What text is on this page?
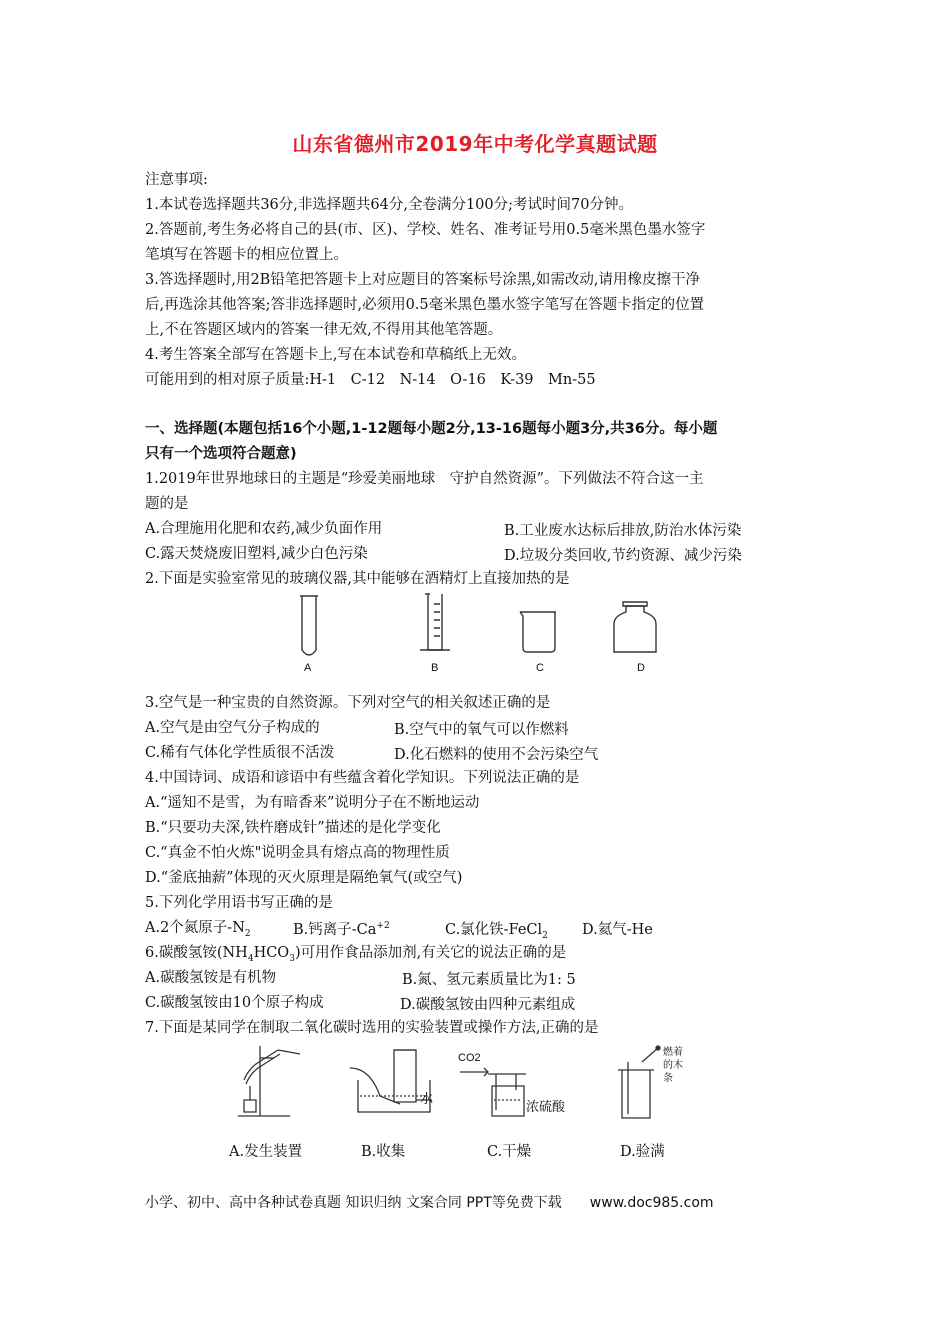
山东省德州市2019年中考化学真题试题
注意事项:
1.本试卷选择题共36分,非选择题共64分,全卷满分100分;考试时间70分钟。
2.答题前,考生务必将自己的县(市、区)、学校、姓名、准考证号用0.5毫米黑色墨水签字
笔填写在答题卡的相应位置上。
3.答选择题时,用2B铅笔把答题卡上对应题目的答案标号涂黑,如需改动,请用橡皮擦干净
后,再选涂其他答案;答非选择题时,必须用0.5毫米黑色墨水签字笔写在答题卡指定的位置
上,不在答题区域内的答案一律无效,不得用其他笔答题。
4.考生答案全部写在答题卡上,写在本试卷和草稿纸上无效。
可能用到的相对原子质量:H-1　C-12　N-14　O-16　K-39　Mn-55
一、选择题(本题包括16个小题,1-12题每小题2分,13-16题每小题3分,共36分。每小题
只有一个选项符合题意)
1.2019年世界地球日的主题是“珍爱美丽地球　守护自然资源”。下列做法不符合这一主
题的是
A.合理施用化肥和农药,减少负面作用	B.工业废水达标后排放,防治水体污染
C.露天焚烧废旧塑料,减少白色污染	D.垃圾分类回收,节约资源、减少污染
2.下面是实验室常见的玻璃仪器,其中能够在酒精灯上直接加热的是
A	B	C	D
3.空气是一种宝贵的自然资源。下列对空气的相关叙述正确的是
A.空气是由空气分子构成的	B.空气中的氧气可以作燃料
C.稀有气体化学性质很不活泼	D.化石燃料的使用不会污染空气
4.中国诗词、成语和谚语中有些蕴含着化学知识。下列说法正确的是
A.“遥知不是雪，为有暗香来”说明分子在不断地运动
B.“只要功夫深,铁杵磨成针”描述的是化学变化
C.“真金不怕火炼"说明金具有熔点高的物理性质
D.“釜底抽薪”体现的灭火原理是隔绝氧气(或空气)
5.下列化学用语书写正确的是
A.2个氮原子$-N_2$	B.钙离子$-Ca^{+2}$	C.氯化铁-FeCl$_2$ D.氦气-He
6.碳酸氢铵$(NH_4HCO_3)$可用作食品添加剂,有关它的说法正确的是
A.碳酸氢铵是有机物	B.氮、氢元素质量比为1: 5
C.碳酸氢铵由10个原子构成	D.碳酸氢铵由四种元素组成
7.下面是某同学在制取二氧化碳时选用的实验装置或操作方法,正确的是
水
CO2
浓硫酸
燃着的木条
A.发生装置	B.收集	C.干燥	D.验满
小学、初中、高中各种试卷真题 知识归纳 文案合同 PPT等免费下载 www.doc985.com
